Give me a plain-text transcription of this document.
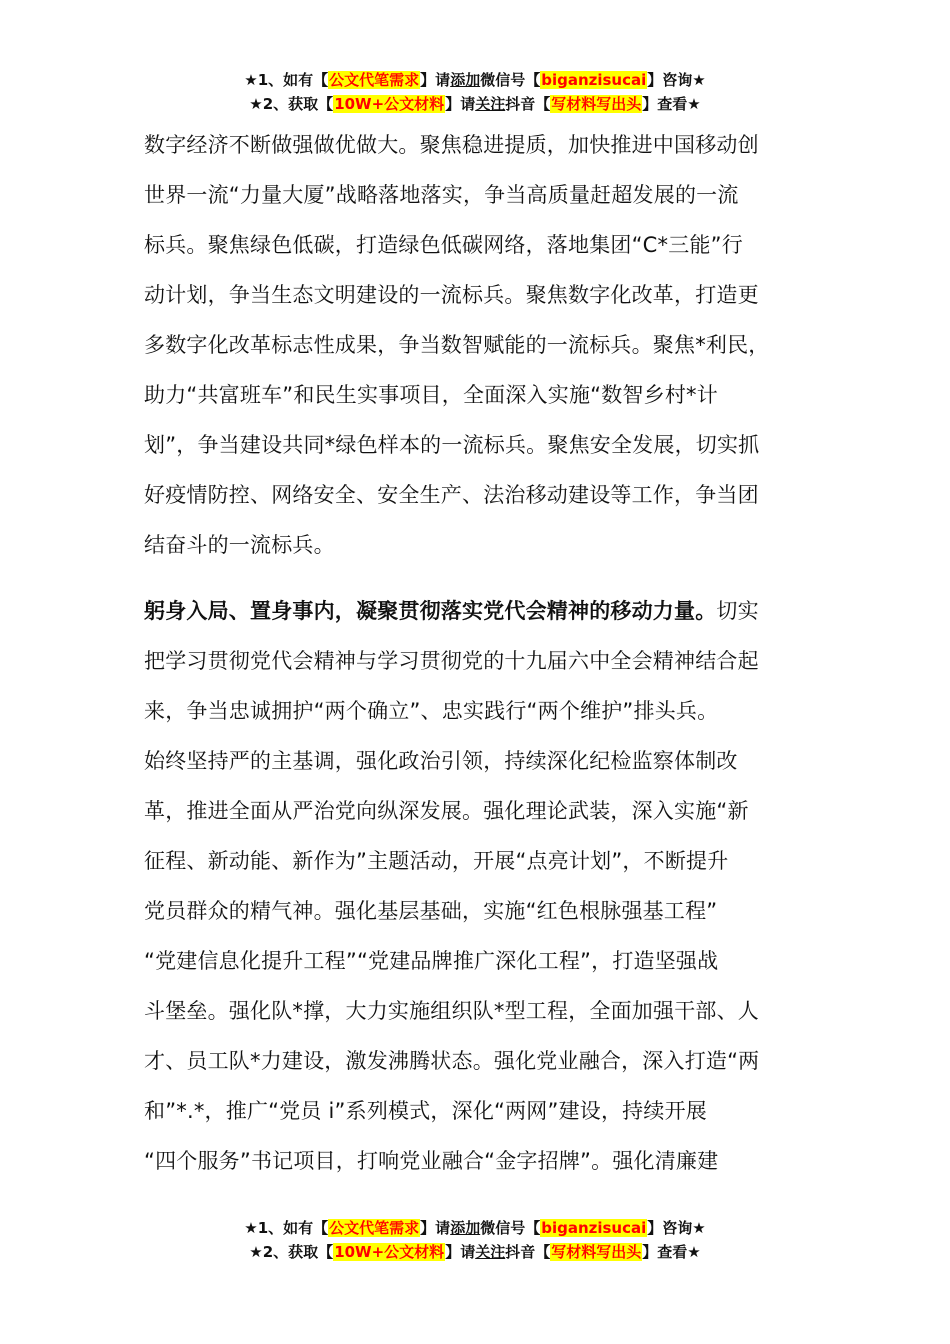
★1、如有【公文代笔需求】请添加微信号【biganzisucai】咨询★
★2、获取【10W+公文材料】请关注抖音【写材料写出头】查看★
数字经济不断做强做优做大。聚焦稳进提质，加快推进中国移动创
世界一流“力量大厦”战略落地落实，争当高质量赶超发展的一流
标兵。聚焦绿色低碳，打造绿色低碳网络，落地集团“C*三能”行
动计划，争当生态文明建设的一流标兵。聚焦数字化改革，打造更
多数字化改革标志性成果，争当数智赋能的一流标兵。聚焦*利民，
助力“共富班车”和民生实事项目，全面深入实施“数智乡村*计
划”，争当建设共同*绿色样本的一流标兵。聚焦安全发展，切实抓
好疫情防控、网络安全、安全生产、法治移动建设等工作，争当团
结奋斗的一流标兵。
躬身入局、置身事内，凝聚贯彻落实党代会精神的移动力量。切实
把学习贯彻党代会精神与学习贯彻党的十九届六中全会精神结合起
来，争当忠诚拥护“两个确立”、忠实践行“两个维护”排头兵。
始终坚持严的主基调，强化政治引领，持续深化纪检监察体制改
革，推进全面从严治党向纵深发展。强化理论武装，深入实施“新
征程、新动能、新作为”主题活动，开展“点亮计划”，不断提升
党员群众的精气神。强化基层基础，实施“红色根脉强基工程”
“党建信息化提升工程”“党建品牌推广深化工程”，打造坚强战
斗堡垒。强化队*撑，大力实施组织队*型工程，全面加强干部、人
才、员工队*力建设，激发沸腾状态。强化党业融合，深入打造“两
和”*.*，推广“党员 i”系列模式，深化“两网”建设，持续开展
“四个服务”书记项目，打响党业融合“金字招牌”。强化清廉建
★1、如有【公文代笔需求】请添加微信号【biganzisucai】咨询★
★2、获取【10W+公文材料】请关注抖音【写材料写出头】查看★
